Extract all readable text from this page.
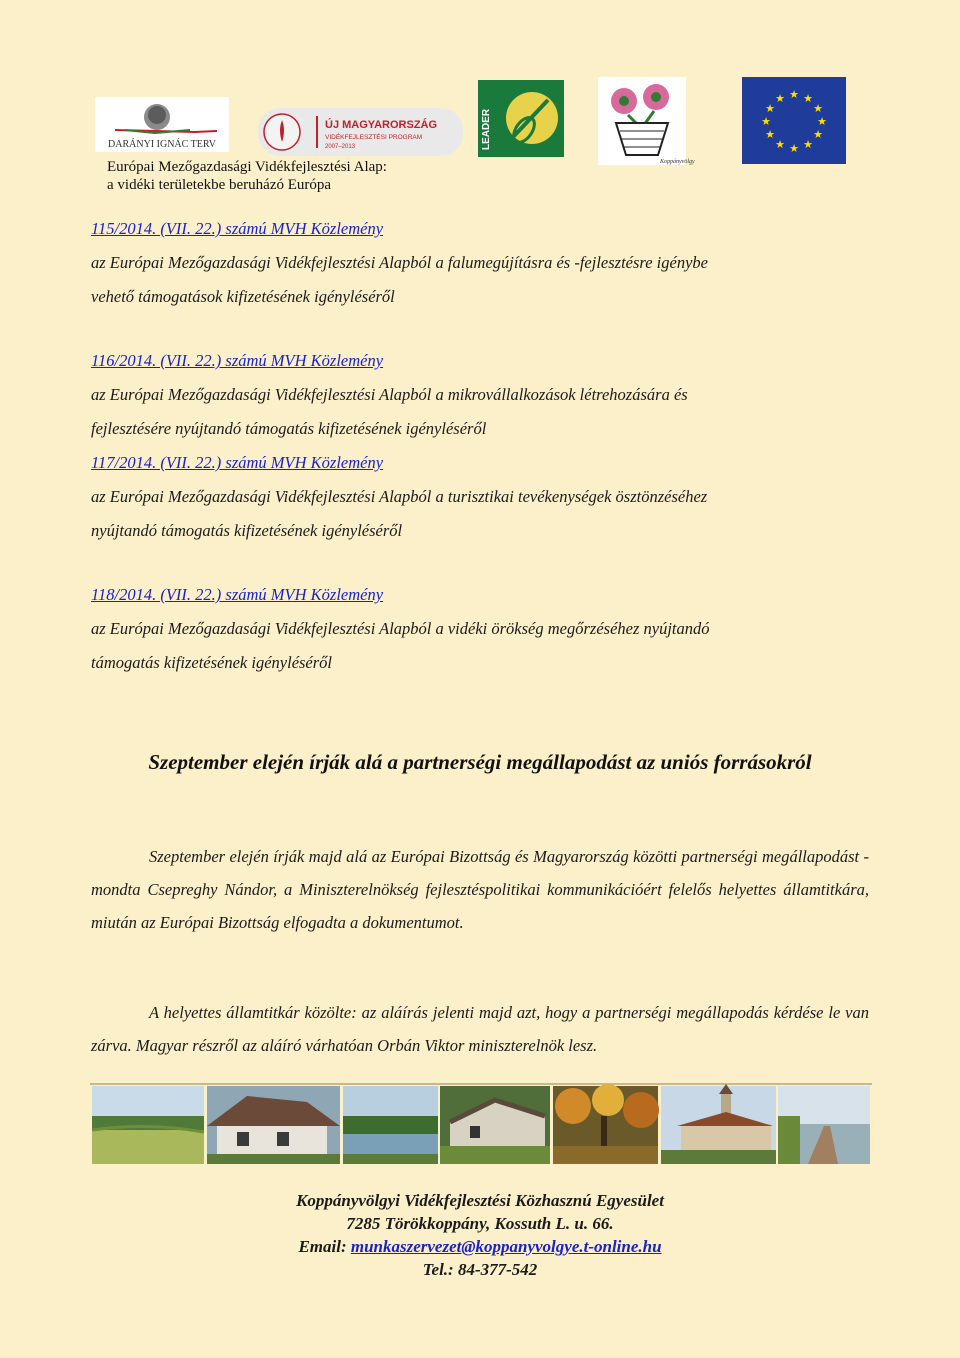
DARÁNYI IGNÁC TERV
ÚJ MAGYARORSZÁG
VIDÉKFEJLESZTÉSI PROGRAM
2007–2013	LEADER
Koppányvölgy
★ ★
★
★
★
★
★
★
★
★
★
★
Európai Mezőgazdasági Vidékfejlesztési Alap:
a vidéki területekbe beruházó Európa
115/2014. (VII. 22.) számú MVH Közlemény
az Európai Mezőgazdasági Vidékfejlesztési Alapból a falumegújításra és -fejlesztésre igénybe
vehető támogatások kifizetésének igényléséről
116/2014. (VII. 22.) számú MVH Közlemény
az Európai Mezőgazdasági Vidékfejlesztési Alapból a mikrovállalkozások létrehozására és
fejlesztésére nyújtandó támogatás kifizetésének igényléséről
117/2014. (VII. 22.) számú MVH Közlemény
az Európai Mezőgazdasági Vidékfejlesztési Alapból a turisztikai tevékenységek ösztönzéséhez
nyújtandó támogatás kifizetésének igényléséről
118/2014. (VII. 22.) számú MVH Közlemény
az Európai Mezőgazdasági Vidékfejlesztési Alapból a vidéki örökség megőrzéséhez nyújtandó
támogatás kifizetésének igényléséről
Szeptember elején írják alá a partnerségi megállapodást az uniós forrásokról
Szeptember elején írják majd alá az Európai Bizottság és Magyarország közötti partnerségi megállapodást - mondta Csepreghy Nándor, a Miniszterelnökség fejlesztéspolitikai kommunikációért felelős helyettes államtitkára, miután az Európai Bizottság elfogadta a dokumentumot.
A helyettes államtitkár közölte: az aláírás jelenti majd azt, hogy a partnerségi megállapodás kérdése le van zárva. Magyar részről az aláíró várhatóan Orbán Viktor miniszterelnök lesz.
Koppányvölgyi Vidékfejlesztési Közhasznú Egyesület
7285 Törökkoppány, Kossuth L. u. 66.
Email: munkaszervezet@koppanyvolgye.t-online.hu
Tel.: 84-377-542
